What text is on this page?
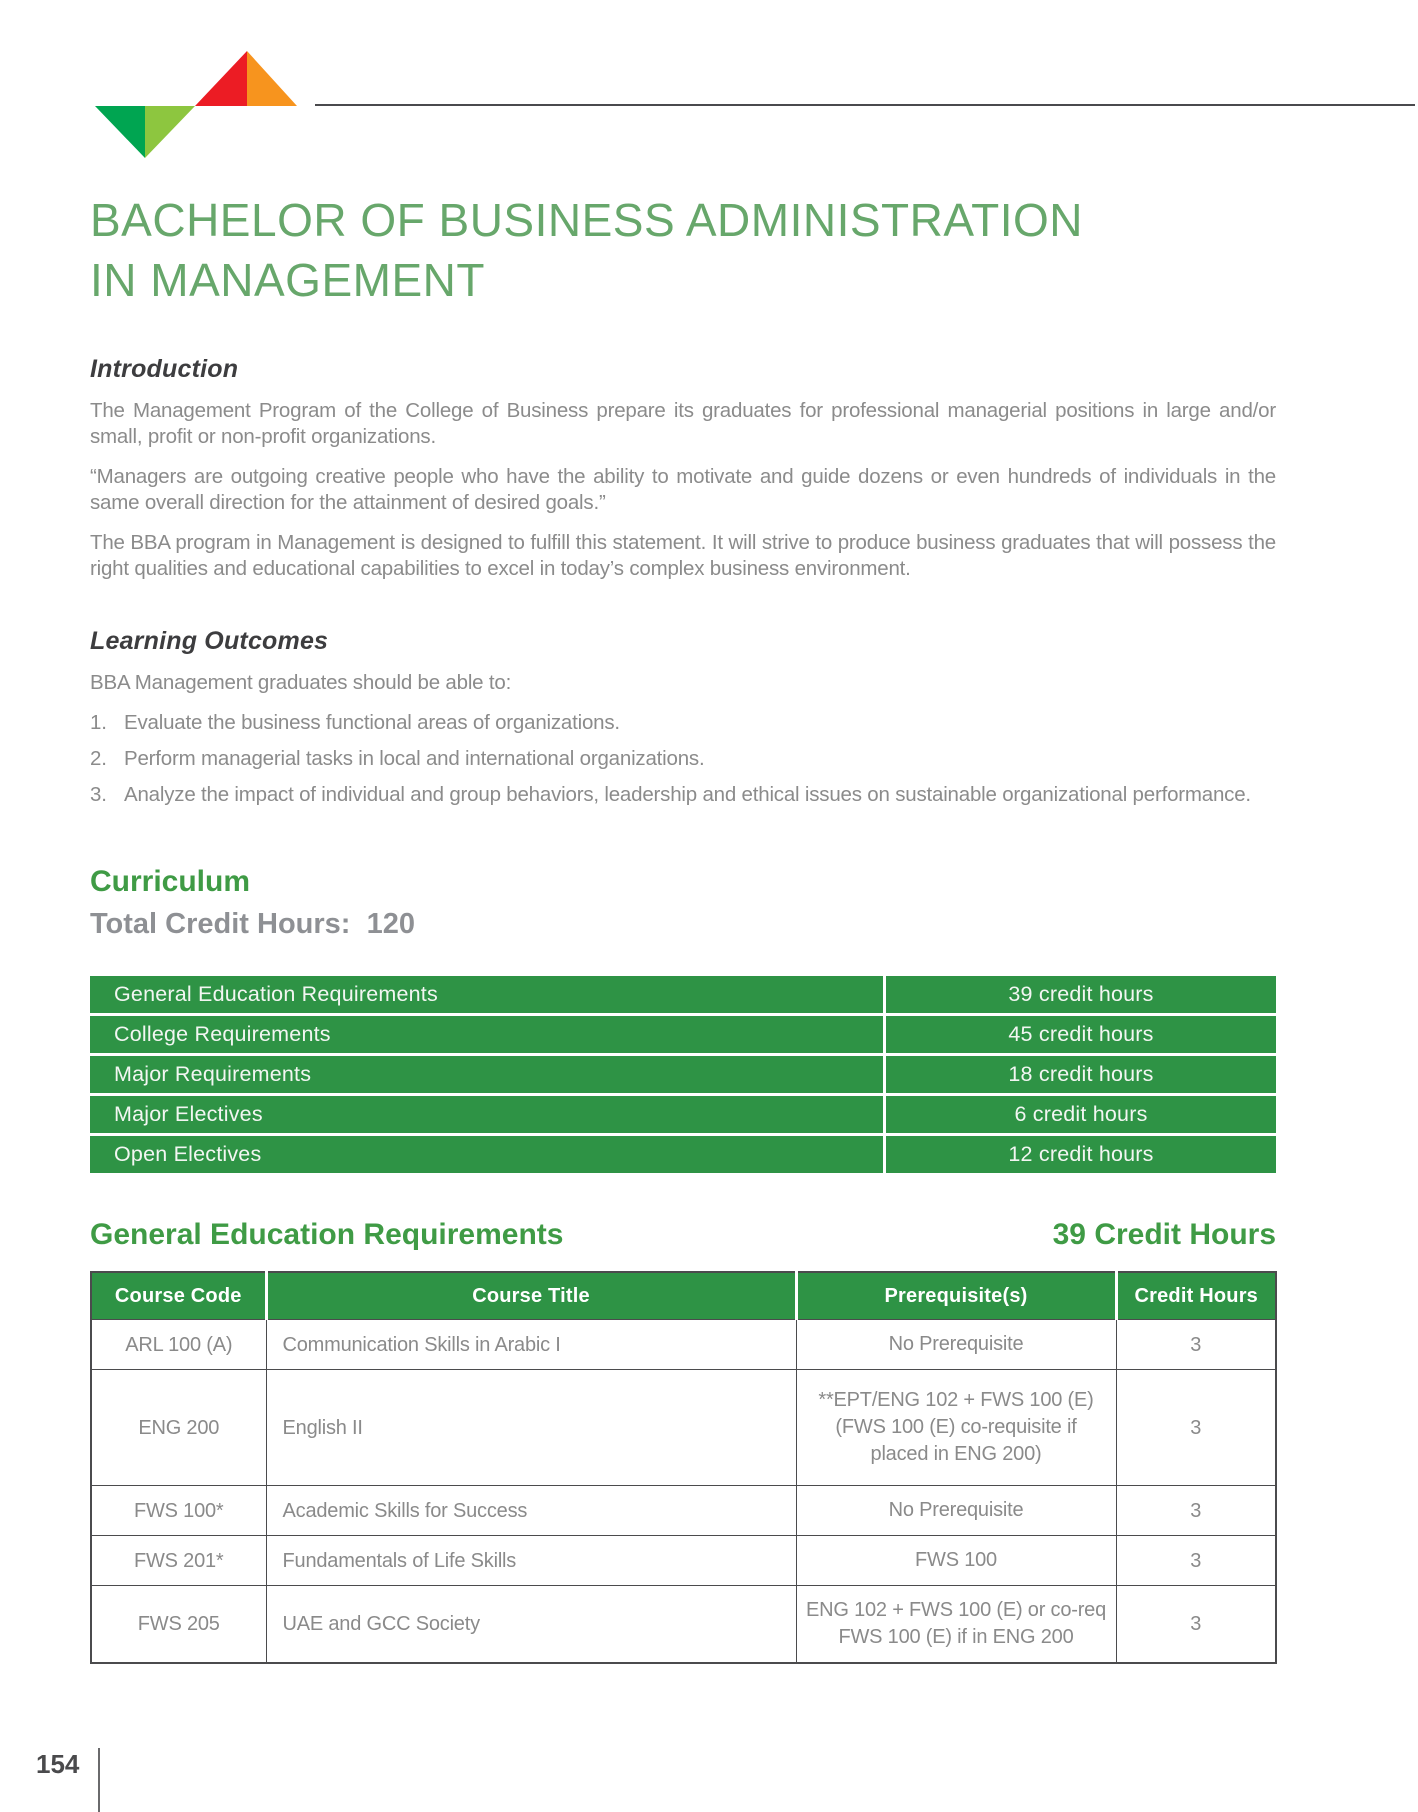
BACHELOR OF BUSINESS ADMINISTRATION
IN MANAGEMENT
Introduction

The Management Program of the College of Business prepare its graduates for professional managerial positions in large and/or small, profit or non-profit organizations.

“Managers are outgoing creative people who have the ability to motivate and guide dozens or even hundreds of individuals in the same overall direction for the attainment of desired goals.”

The BBA program in Management is designed to fulfill this statement. It will strive to produce business graduates that will possess the right qualities and educational capabilities to excel in today’s complex business environment.

Learning Outcomes

BBA Management graduates should be able to:

1. Evaluate the business functional areas of organizations.
2. Perform managerial tasks in local and international organizations.
3. Analyze the impact of individual and group behaviors, leadership and ethical issues on sustainable organizational performance.
Curriculum
Total Credit Hours:  120
General Education Requirements	39 credit hours
College Requirements	45 credit hours
Major Requirements	18 credit hours
Major Electives	6 credit hours
Open Electives	12 credit hours
General Education Requirements	39 Credit Hours
Course Code	Course Title	Prerequisite(s)	Credit Hours
ARL 100 (A)	Communication Skills in Arabic I	No Prerequisite	3
ENG 200	English II	**EPT/ENG 102 + FWS 100 (E) (FWS 100 (E) co-requisite if placed in ENG 200)	3
FWS 100*	Academic Skills for Success	No Prerequisite	3
FWS 201*	Fundamentals of Life Skills	FWS 100	3
FWS 205	UAE and GCC Society	ENG 102 + FWS 100 (E) or co-req FWS 100 (E) if in ENG 200	3
154
